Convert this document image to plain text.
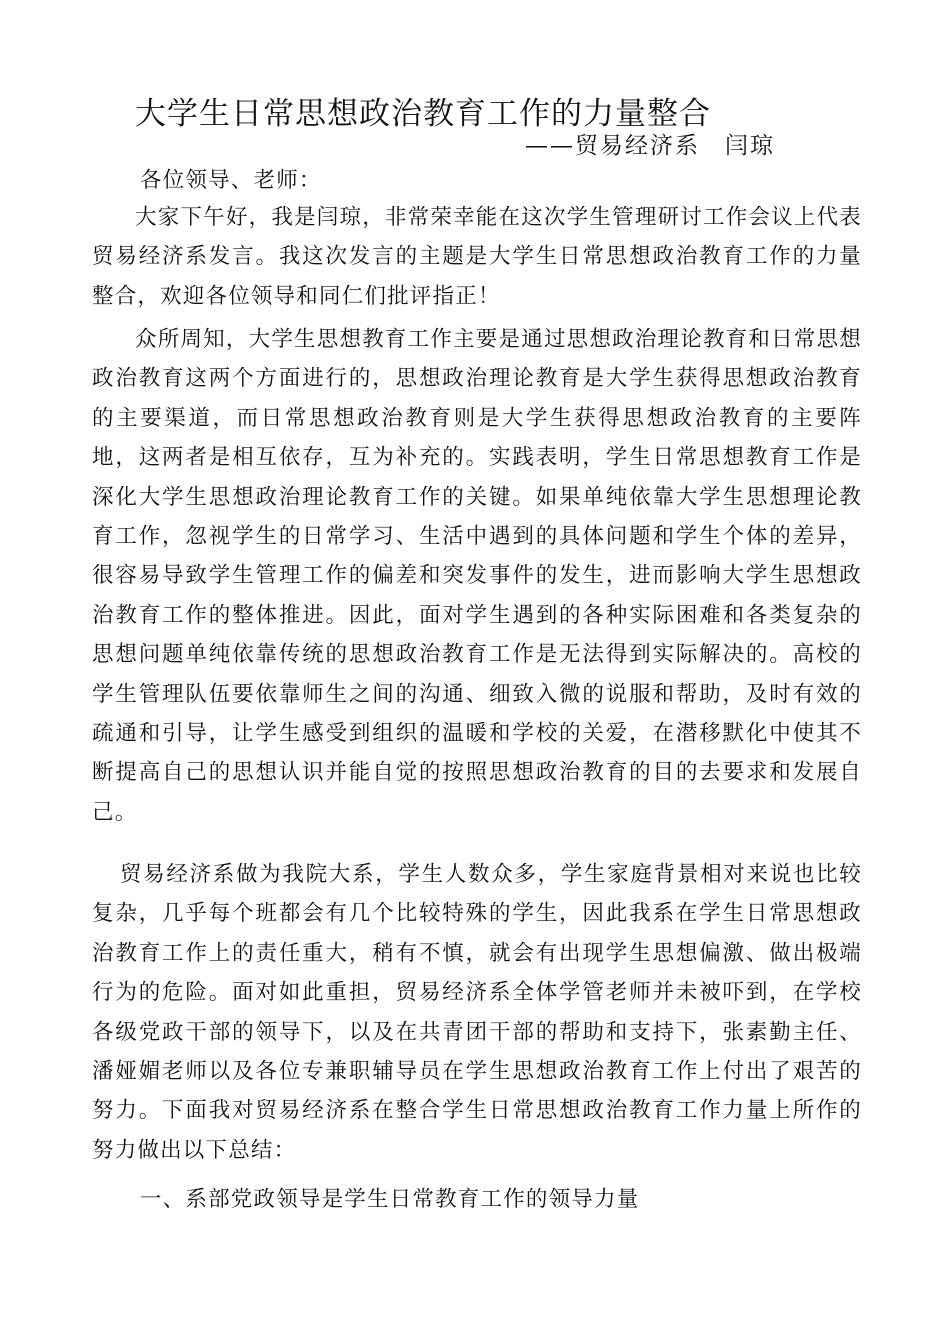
大学生日常思想政治教育工作的力量整合
——贸易经济系　闫琼
各位领导、老师：

大家下午好，我是闫琼，非常荣幸能在这次学生管理研讨工作会议上代表贸易经济系发言。我这次发言的主题是大学生日常思想政治教育工作的力量整合，欢迎各位领导和同仁们批评指正！

众所周知，大学生思想教育工作主要是通过思想政治理论教育和日常思想政治教育这两个方面进行的，思想政治理论教育是大学生获得思想政治教育的主要渠道，而日常思想政治教育则是大学生获得思想政治教育的主要阵地，这两者是相互依存，互为补充的。实践表明，学生日常思想教育工作是深化大学生思想政治理论教育工作的关键。如果单纯依靠大学生思想理论教育工作，忽视学生的日常学习、生活中遇到的具体问题和学生个体的差异，很容易导致学生管理工作的偏差和突发事件的发生，进而影响大学生思想政治教育工作的整体推进。因此，面对学生遇到的各种实际困难和各类复杂的思想问题单纯依靠传统的思想政治教育工作是无法得到实际解决的。高校的学生管理队伍要依靠师生之间的沟通、细致入微的说服和帮助，及时有效的疏通和引导，让学生感受到组织的温暖和学校的关爱，在潜移默化中使其不断提高自己的思想认识并能自觉的按照思想政治教育的目的去要求和发展自己。

贸易经济系做为我院大系，学生人数众多，学生家庭背景相对来说也比较复杂，几乎每个班都会有几个比较特殊的学生，因此我系在学生日常思想政治教育工作上的责任重大，稍有不慎，就会有出现学生思想偏激、做出极端行为的危险。面对如此重担，贸易经济系全体学管老师并未被吓到，在学校各级党政干部的领导下，以及在共青团干部的帮助和支持下，张素勤主任、潘娅媚老师以及各位专兼职辅导员在学生思想政治教育工作上付出了艰苦的努力。下面我对贸易经济系在整合学生日常思想政治教育工作力量上所作的努力做出以下总结：

一、系部党政领导是学生日常教育工作的领导力量
